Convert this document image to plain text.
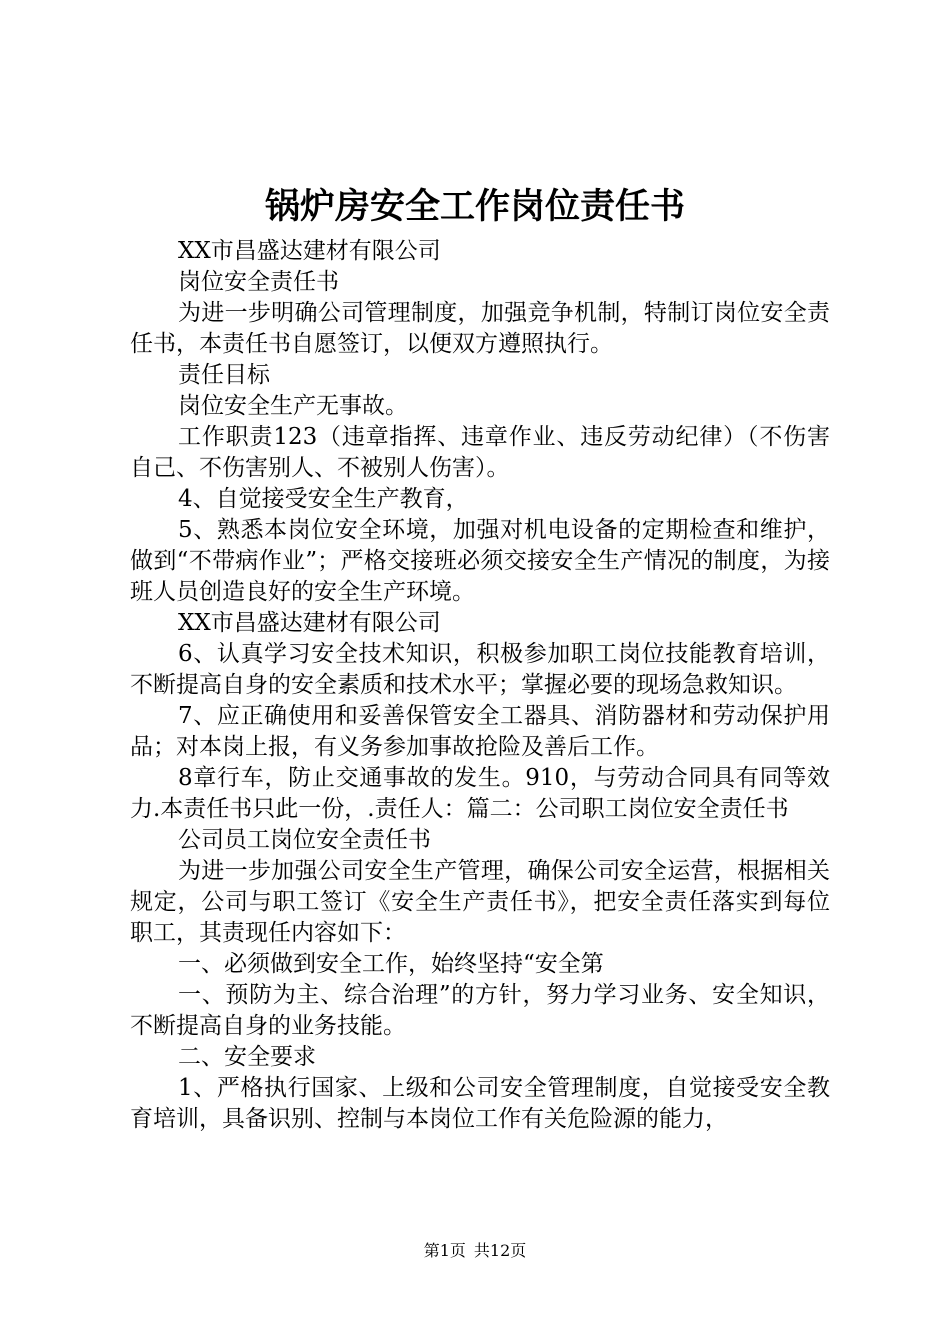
锅炉房安全工作岗位责任书

XX市昌盛达建材有限公司

岗位安全责任书

为进一步明确公司管理制度，加强竞争机制，特制订岗位安全责任书，本责任书自愿签订，以便双方遵照执行。

责任目标

岗位安全生产无事故。

工作职责123（违章指挥、违章作业、违反劳动纪律）（不伤害自己、不伤害别人、不被别人伤害）。

4、自觉接受安全生产教育，

5、熟悉本岗位安全环境，加强对机电设备的定期检查和维护，做到“不带病作业”；严格交接班必须交接安全生产情况的制度，为接班人员创造良好的安全生产环境。

XX市昌盛达建材有限公司

6、认真学习安全技术知识，积极参加职工岗位技能教育培训，不断提高自身的安全素质和技术水平；掌握必要的现场急救知识。

7、应正确使用和妥善保管安全工器具、消防器材和劳动保护用品；对本岗上报，有义务参加事故抢险及善后工作。

8章行车，防止交通事故的发生。910，与劳动合同具有同等效力.本责任书只此一份，.责任人：篇二：公司职工岗位安全责任书

公司员工岗位安全责任书

为进一步加强公司安全生产管理，确保公司安全运营，根据相关规定，公司与职工签订《安全生产责任书》，把安全责任落实到每位职工，其责现任内容如下：

一、必须做到安全工作，始终坚持“安全第

一、预防为主、综合治理”的方针，努力学习业务、安全知识，不断提高自身的业务技能。

二、安全要求

1、严格执行国家、上级和公司安全管理制度，自觉接受安全教育培训，具备识别、控制与本岗位工作有关危险源的能力，

第1页 共12页
